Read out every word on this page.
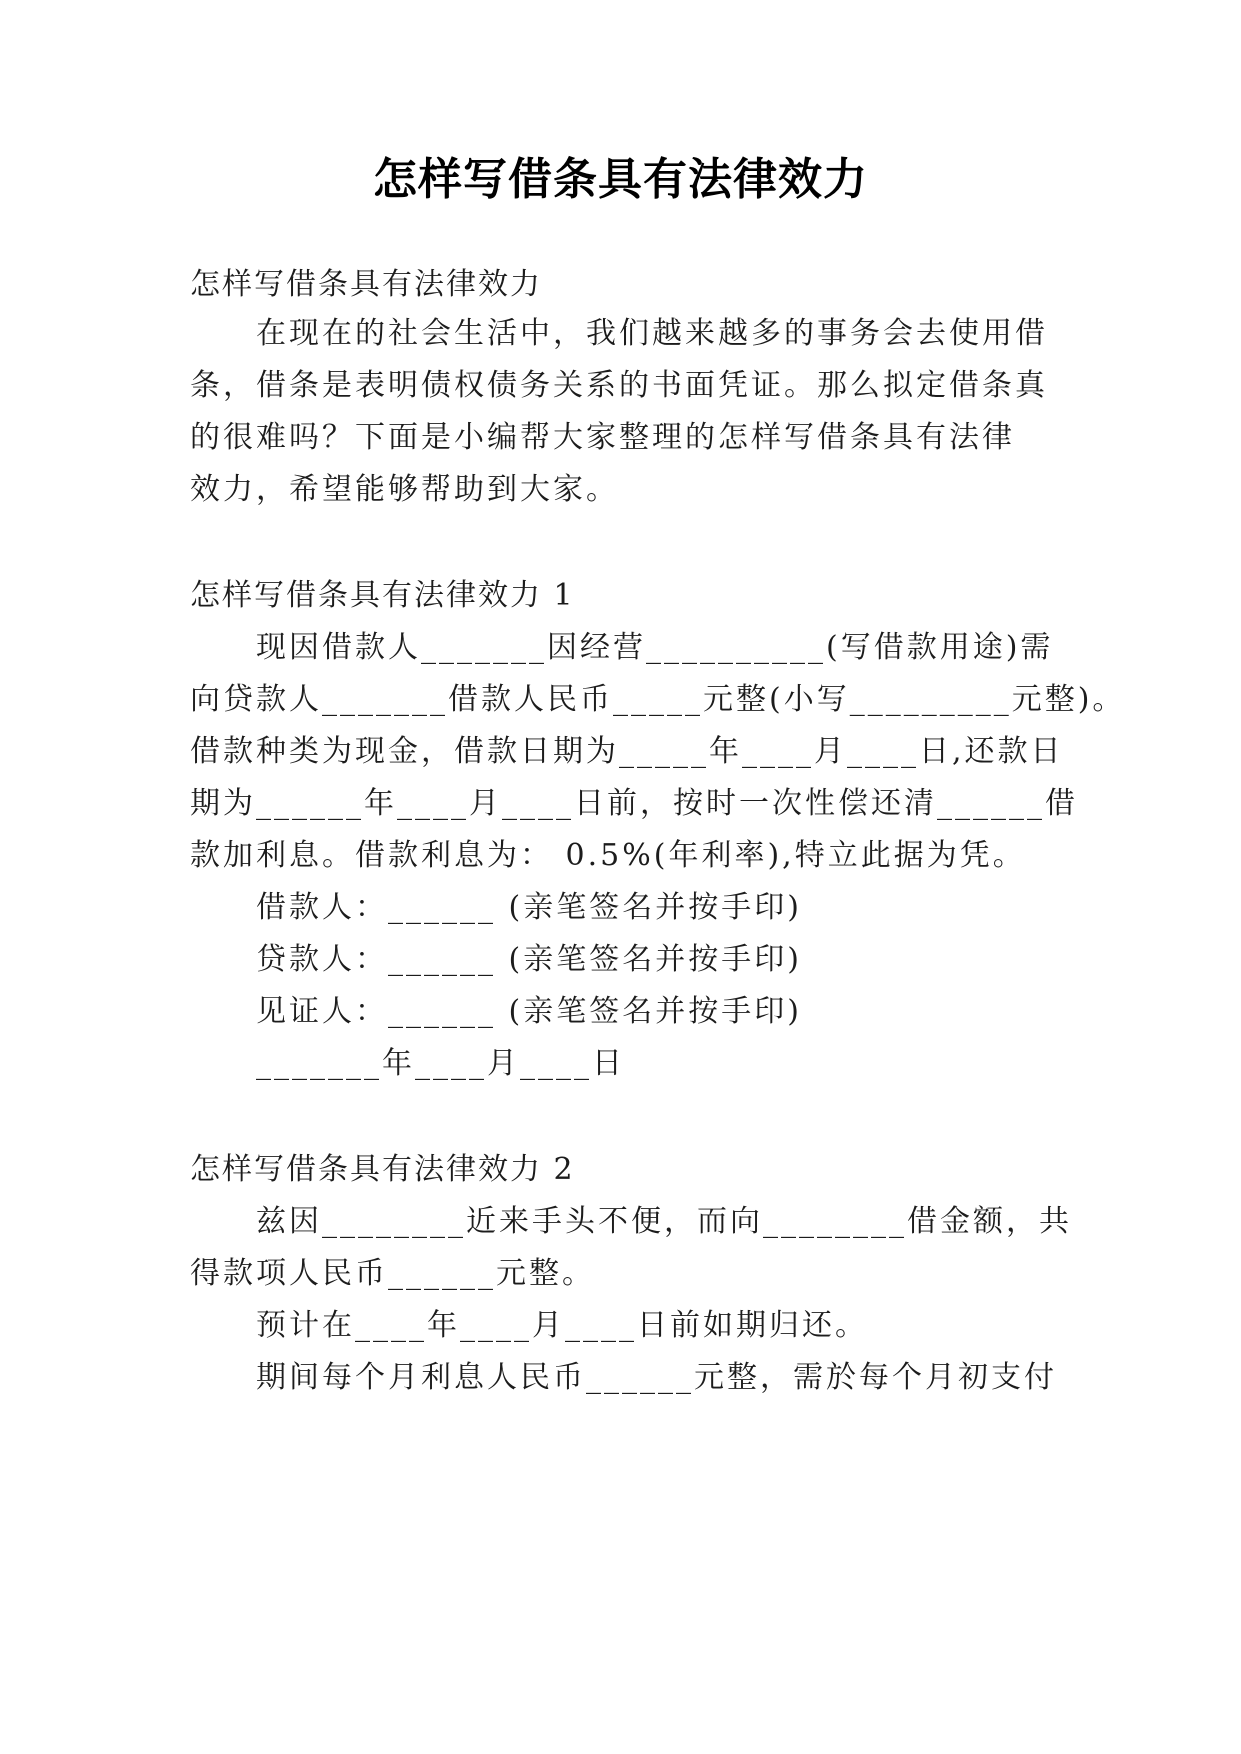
怎样写借条具有法律效力
怎样写借条具有法律效力
在现在的社会生活中，我们越来越多的事务会去使用借
条，借条是表明债权债务关系的书面凭证。那么拟定借条真
的很难吗？下面是小编帮大家整理的怎样写借条具有法律
效力，希望能够帮助到大家。
怎样写借条具有法律效力 1
现因借款人_______因经营__________(写借款用途)需
向贷款人_______借款人民币_____元整(小写_________元整)。
借款种类为现金，借款日期为_____年____月____日,还款日
期为______年____月____日前，按时一次性偿还清______借
款加利息。借款利息为： 0.5%(年利率),特立此据为凭。
借款人：______ (亲笔签名并按手印)
贷款人：______ (亲笔签名并按手印)
见证人：______ (亲笔签名并按手印)
_______年____月____日
怎样写借条具有法律效力 2
兹因________近来手头不便，而向________借金额，共
得款项人民币______元整。
预计在____年____月____日前如期归还。
期间每个月利息人民币______元整，需於每个月初支付
